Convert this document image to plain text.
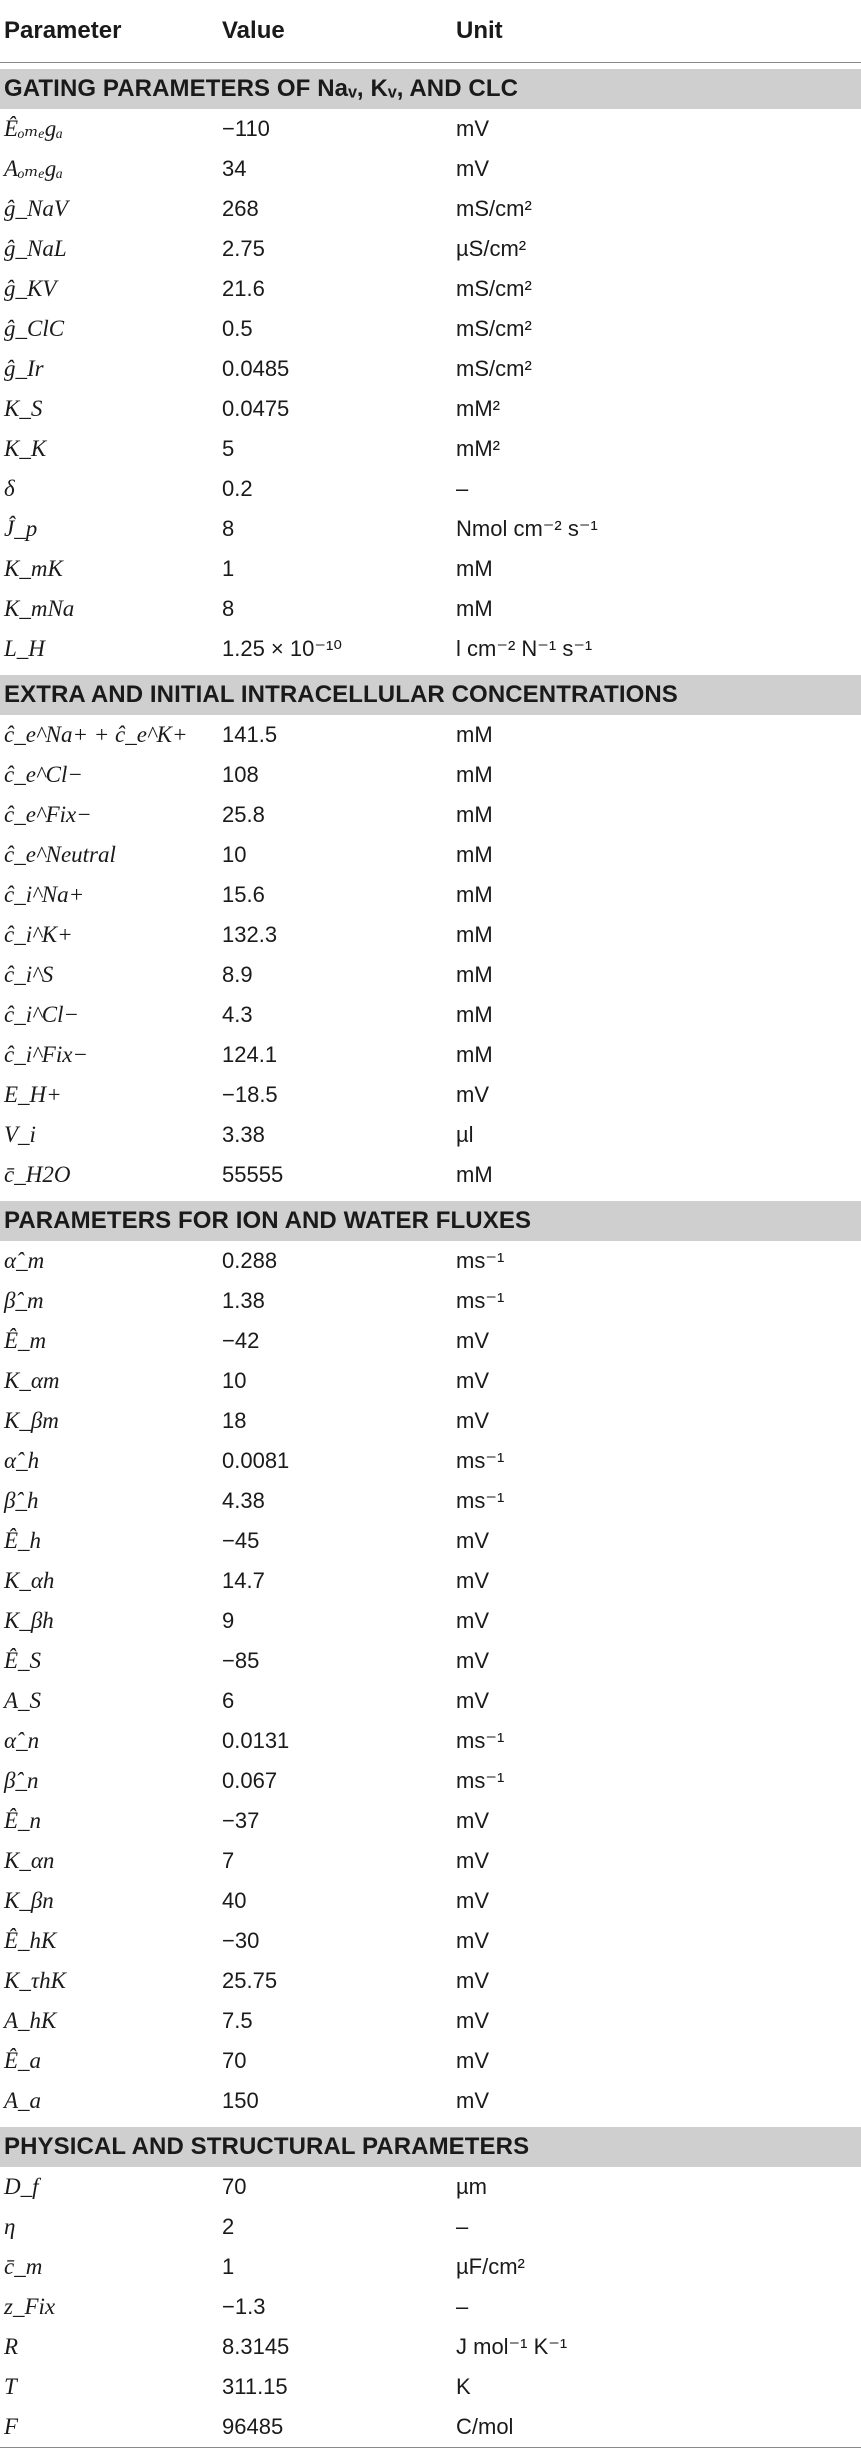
Parameter	Value	Unit

GATING PARAMETERS OF Naᵥ, Kᵥ, AND CLC		
Êₒₘₑgₐ	−110	mV
Aₒₘₑgₐ	34	mV
ĝ_NaV	268	mS/cm²
ĝ_NaL	2.75	µS/cm²
ĝ_KV	21.6	mS/cm²
ĝ_ClC	0.5	mS/cm²
ĝ_Ir	0.0485	mS/cm²
K_S	0.0475	mM²
K_K	5	mM²
δ	0.2	–
Ĵ_p	8	Nmol cm⁻² s⁻¹
K_mK	1	mM
K_mNa	8	mM
L_H	1.25 × 10⁻¹⁰	l cm⁻² N⁻¹ s⁻¹

EXTRA AND INITIAL INTRACELLULAR CONCENTRATIONS		
ĉ_e^Na+ + ĉ_e^K+	141.5	mM
ĉ_e^Cl−	108	mM
ĉ_e^Fix−	25.8	mM
ĉ_e^Neutral	10	mM
ĉ_i^Na+	15.6	mM
ĉ_i^K+	132.3	mM
ĉ_i^S	8.9	mM
ĉ_i^Cl−	4.3	mM
ĉ_i^Fix−	124.1	mM
E_H+	−18.5	mV
V_i	3.38	µl
c̄_H2O	55555	mM

PARAMETERS FOR ION AND WATER FLUXES		
α̂_m	0.288	ms⁻¹
β̂_m	1.38	ms⁻¹
Ê_m	−42	mV
K_αm	10	mV
K_βm	18	mV
α̂_h	0.0081	ms⁻¹
β̂_h	4.38	ms⁻¹
Ê_h	−45	mV
K_αh	14.7	mV
K_βh	9	mV
Ê_S	−85	mV
A_S	6	mV
α̂_n	0.0131	ms⁻¹
β̂_n	0.067	ms⁻¹
Ê_n	−37	mV
K_αn	7	mV
K_βn	40	mV
Ê_hK	−30	mV
K_τhK	25.75	mV
A_hK	7.5	mV
Ê_a	70	mV
A_a	150	mV

PHYSICAL AND STRUCTURAL PARAMETERS		
D_f	70	µm
η	2	–
c̄_m	1	µF/cm²
z_Fix	−1.3	–
R	8.3145	J mol⁻¹ K⁻¹
T	311.15	K
F	96485	C/mol
